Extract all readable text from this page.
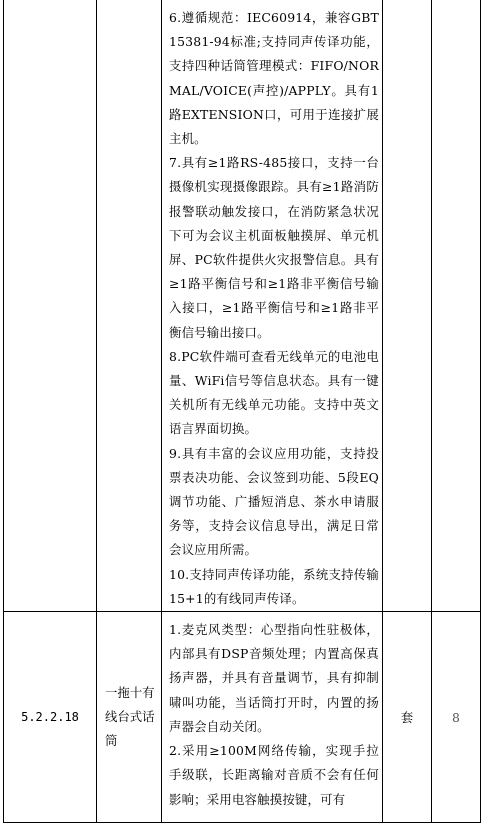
		6.遵循规范：IEC60914，兼容GBT15381-94标准;支持同声传译功能，支持四种话筒管理模式：FIFO/NORMAL/VOICE(声控)/APPLY。具有1路EXTENSION口，可用于连接扩展主机。

7.具有≥1路RS-485接口，支持一台摄像机实现摄像跟踪。具有≥1路消防报警联动触发接口，在消防紧急状况下可为会议主机面板触摸屏、单元机屏、PC软件提供火灾报警信息。具有≥1路平衡信号和≥1路非平衡信号输入接口，≥1路平衡信号和≥1路非平衡信号输出接口。

8.PC软件端可查看无线单元的电池电量、WiFi信号等信息状态。具有一键关机所有无线单元功能。支持中英文语言界面切换。

9.具有丰富的会议应用功能，支持投票表决功能、会议签到功能、5段EQ调节功能、广播短消息、茶水申请服务等，支持会议信息导出，满足日常会议应用所需。

10.支持同声传译功能，系统支持传输15+1的有线同声传译。		

5.2.2.18	一拖十有线台式话筒	1.麦克风类型：心型指向性驻极体，内部具有DSP音频处理；内置高保真扬声器，并具有音量调节，具有抑制啸叫功能，当话筒打开时，内置的扬声器会自动关闭。

2.采用≥100M网络传输，实现手拉手级联，长距离输对音质不会有任何影响；采用电容触摸按键，可有	套	8
